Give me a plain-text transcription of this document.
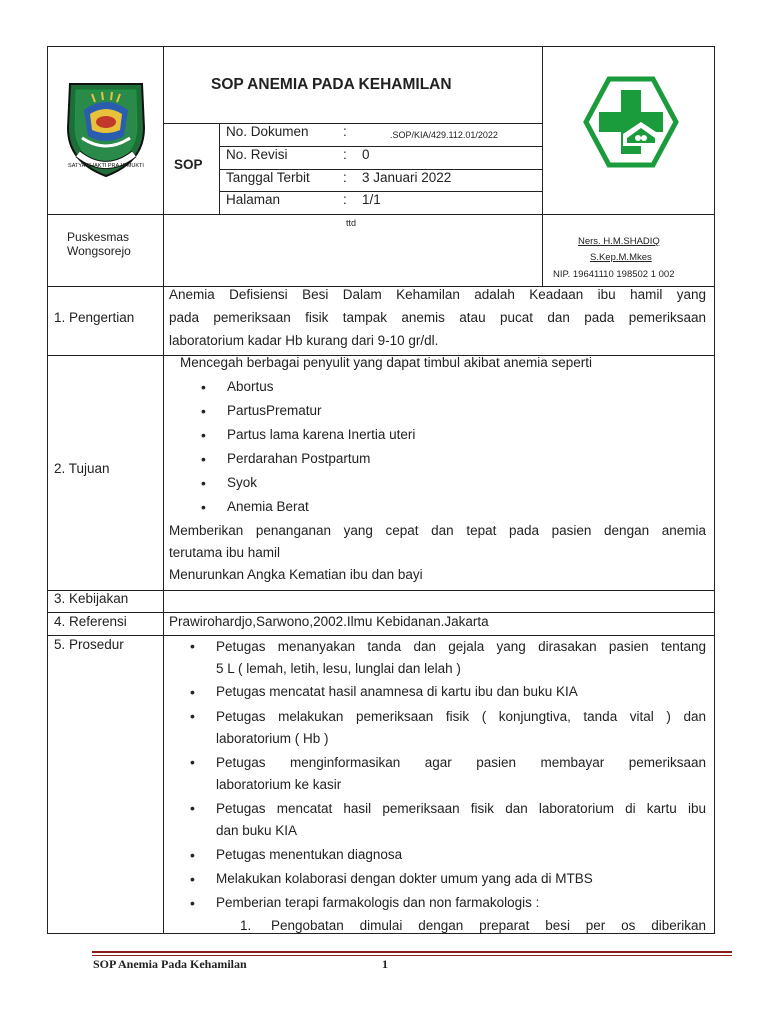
SATYA BHAKTI PRAJA MUKTI
SOP ANEMIA PADA KEHAMILAN
SOP
No. Dokumen	:	.SOP/KIA/429.112.01/2022
No. Revisi	: 0
Tanggal Terbit : 3 Januari 2022
Halaman	: 1/1
ttd
Puskesmas
Wongsorejo
Ners. H.M.SHADIQ
S.Kep.M.Mkes
NIP. 19641110 198502 1 002
1. Pengertian
Anemia Defisiensi Besi Dalam Kehamilan adalah Keadaan ibu hamil yang
pada pemeriksaan fisik tampak anemis atau pucat dan pada pemeriksaan
laboratorium kadar Hb kurang dari 9-10 gr/dl.
2. Tujuan
Mencegah berbagai penyulit yang dapat timbul akibat anemia seperti
• Abortus
• PartusPrematur
• Partus lama karena Inertia uteri
• Perdarahan Postpartum
• Syok
• Anemia Berat
Memberikan penanganan yang cepat dan tepat pada pasien dengan anemia
terutama ibu hamil
Menurunkan Angka Kematian ibu dan bayi
3. Kebijakan
4. Referensi	Prawirohardjo,Sarwono,2002.Ilmu Kebidanan.Jakarta
5. Prosedur
•	Petugas menanyakan tanda dan gejala yang dirasakan pasien tentang
5 L ( lemah, letih, lesu, lunglai dan lelah )
• Petugas mencatat hasil anamnesa di kartu ibu dan buku KIA
• Petugas melakukan pemeriksaan fisik ( konjungtiva, tanda vital ) dan
laboratorium ( Hb )
• Petugas menginformasikan agar pasien membayar pemeriksaan
laboratorium ke kasir
• Petugas mencatat hasil pemeriksaan fisik dan laboratorium di kartu ibu
dan buku KIA
• Petugas menentukan diagnosa
• Melakukan kolaborasi dengan dokter umum yang ada di MTBS
• Pemberian terapi farmakologis dan non farmakologis :
1. Pengobatan dimulai dengan preparat besi per os diberikan
SOP Anemia Pada Kehamilan	1
